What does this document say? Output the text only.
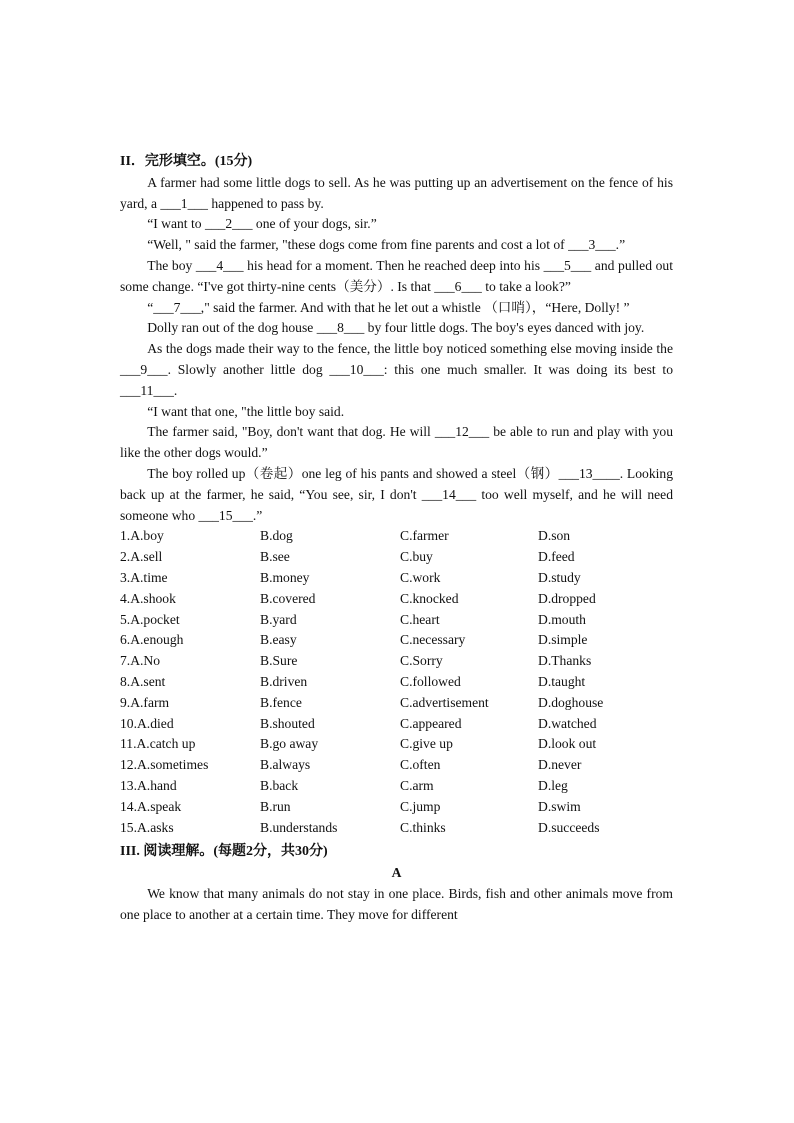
II．完形填空。(15分)

A farmer had some little dogs to sell. As he was putting up an advertisement on the fence of his yard, a ___1___ happened to pass by.

“I want to ___2___ one of your dogs, sir.”

“Well, " said the farmer, "these dogs come from fine parents and cost a lot of ___3___.”

The boy ___4___ his head for a moment. Then he reached deep into his ___5___ and pulled out some change. “I've got thirty-nine cents（美分）. Is that ___6___ to take a look?”

“___7___," said the farmer. And with that he let out a whistle （口哨），“Here, Dolly! ”

Dolly ran out of the dog house ___8___ by four little dogs. The boy's eyes danced with joy.

As the dogs made their way to the fence, the little boy noticed something else moving inside the ___9___. Slowly another little dog ___10___: this one much smaller. It was doing its best to ___11___.

“I want that one, "the little boy said.

The farmer said, "Boy, don't want that dog. He will ___12___ be able to run and play with you like the other dogs would.”

The boy rolled up（卷起）one leg of his pants and showed a steel（钢）___13____. Looking back up at the farmer, he said, “You see, sir, I don't ___14___ too well myself, and he will need someone who ___15___.”

1.A.boy	B.dog	C.farmer	D.son
2.A.sell	B.see	C.buy	D.feed
3.A.time	B.money	C.work	D.study
4.A.shook	B.covered	C.knocked	D.dropped
5.A.pocket	B.yard	C.heart	D.mouth
6.A.enough	B.easy	C.necessary	D.simple
7.A.No	B.Sure	C.Sorry	D.Thanks
8.A.sent	B.driven	C.followed	D.taught
9.A.farm	B.fence	C.advertisement	D.doghouse
10.A.died	B.shouted	C.appeared	D.watched
11.A.catch up	B.go away	C.give up	D.look out
12.A.sometimes	B.always	C.often	D.never
13.A.hand	B.back	C.arm	D.leg
14.A.speak	B.run	C.jump	D.swim
15.A.asks	B.understands	C.thinks	D.succeeds
III. 阅读理解。(每题2分，共30分)
A

We know that many animals do not stay in one place. Birds, fish and other animals move from one place to another at a certain time. They move for different
